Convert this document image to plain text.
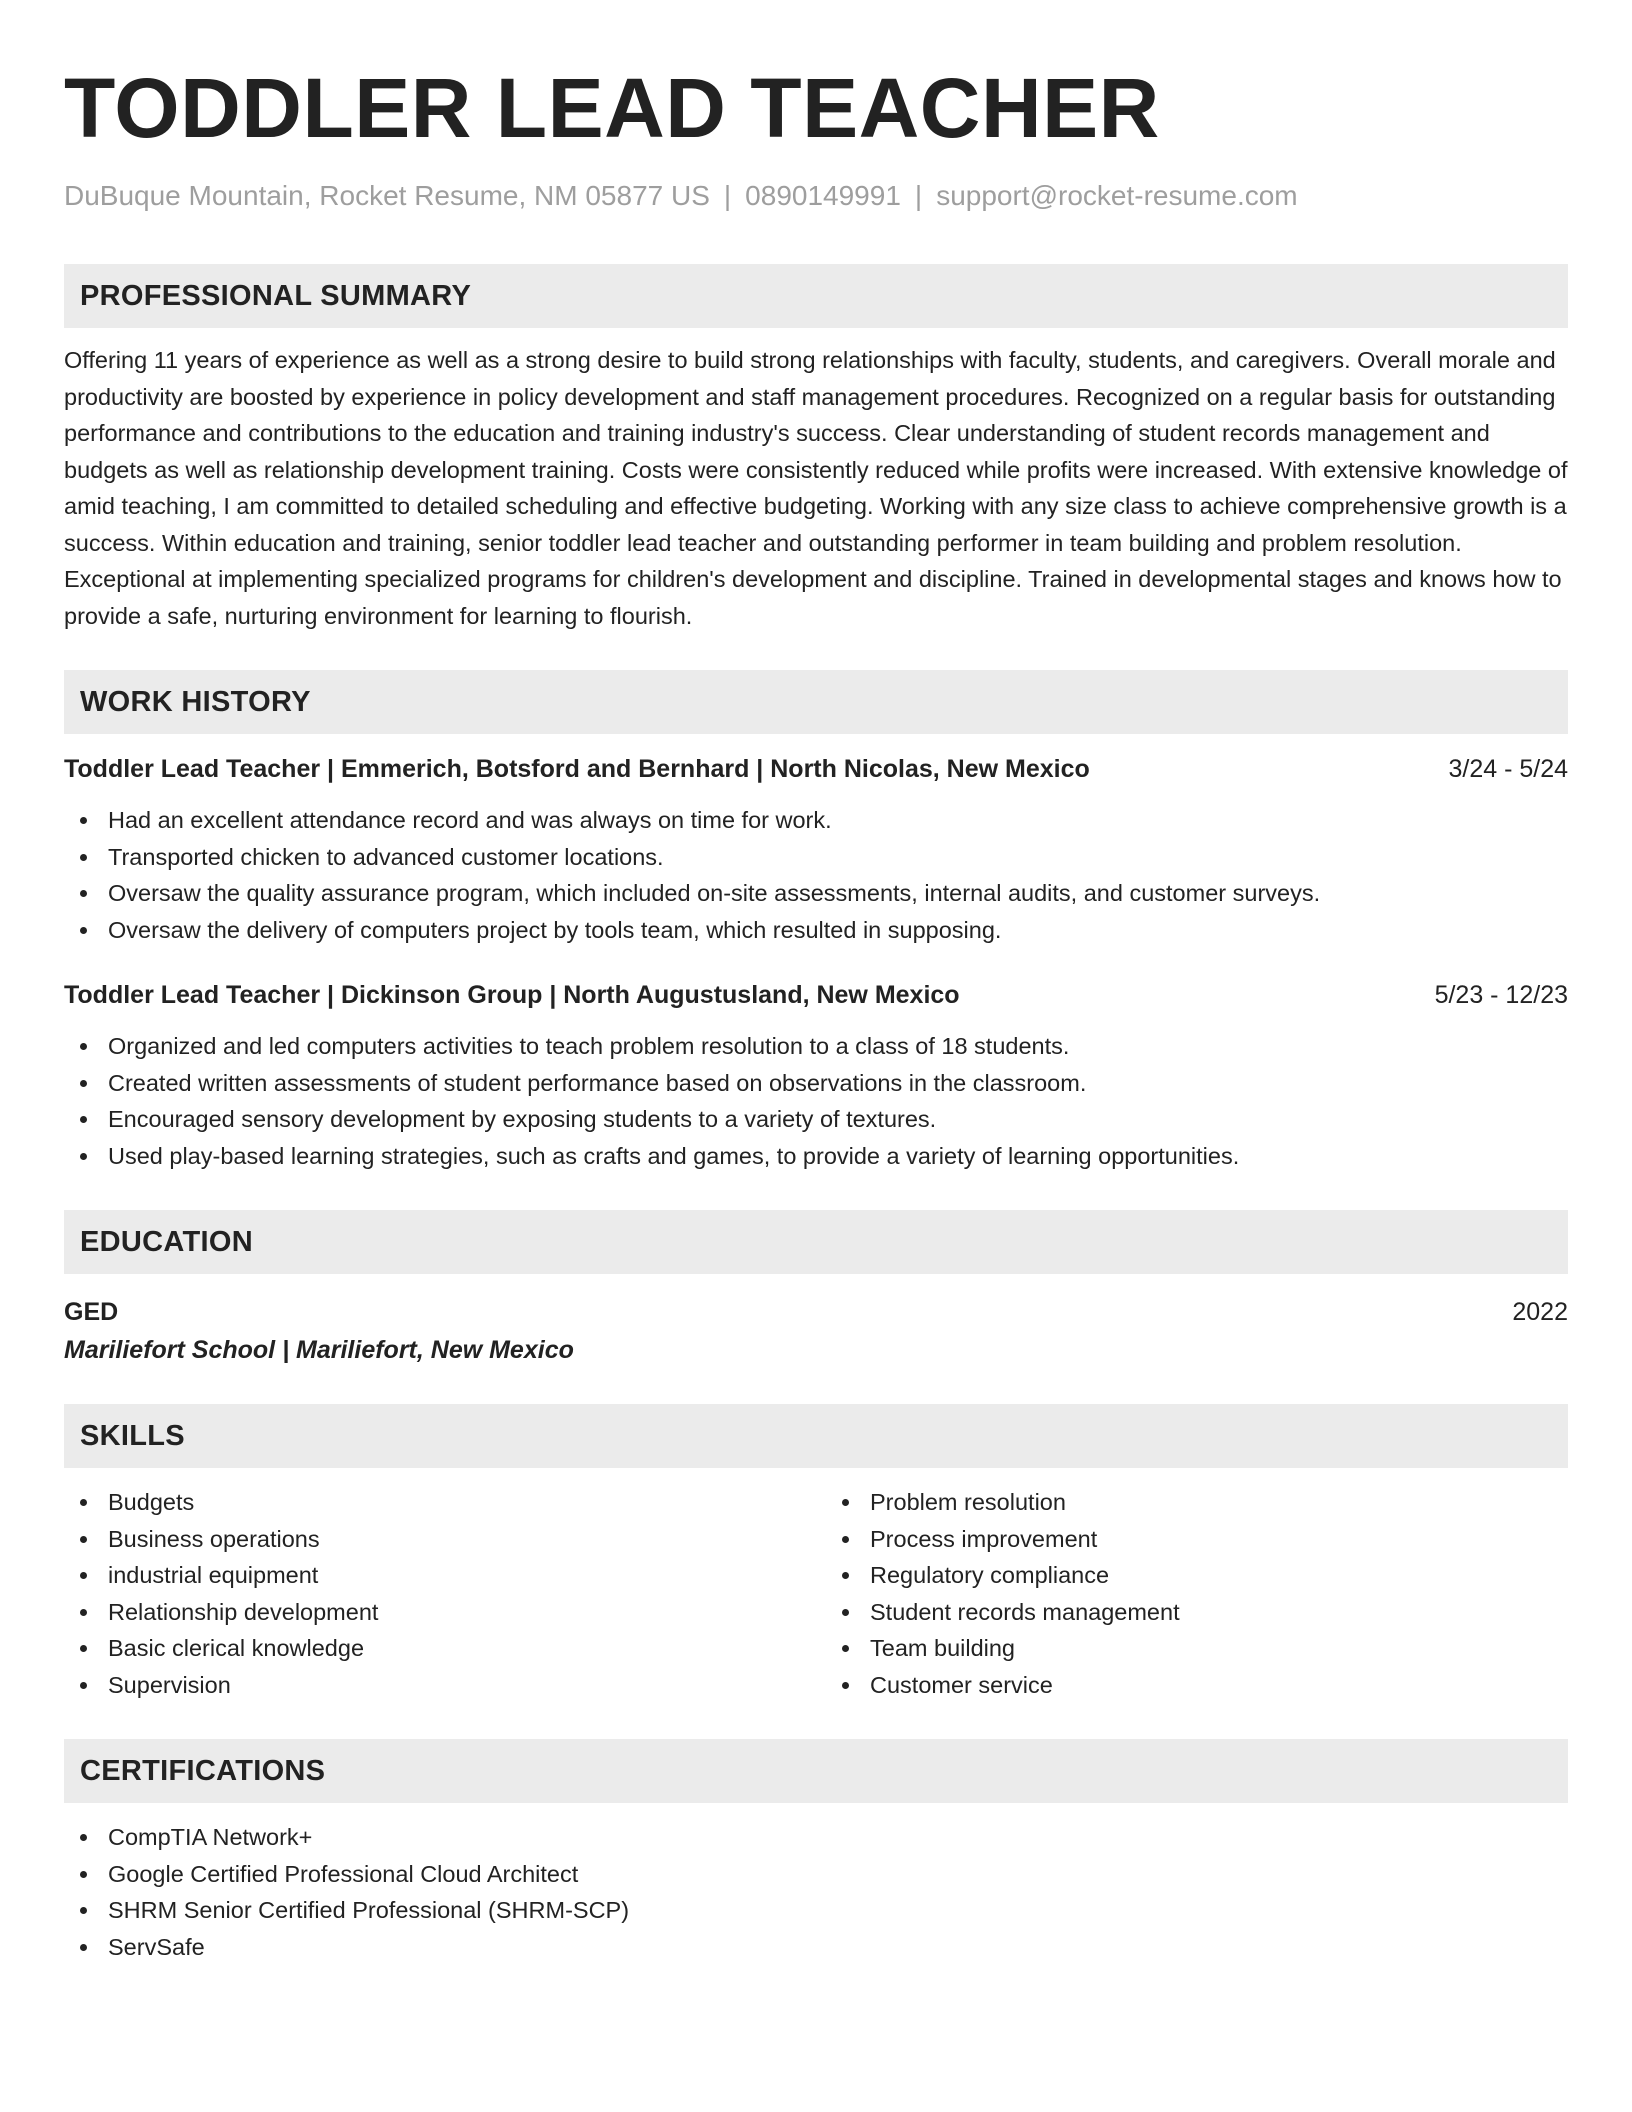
TODDLER LEAD TEACHER
DuBuque Mountain, Rocket Resume, NM 05877 US | 0890149991 | support@rocket-resume.com
PROFESSIONAL SUMMARY

Offering 11 years of experience as well as a strong desire to build strong relationships with faculty, students, and caregivers. Overall morale and productivity are boosted by experience in policy development and staff management procedures. Recognized on a regular basis for outstanding performance and contributions to the education and training industry's success. Clear understanding of student records management and budgets as well as relationship development training. Costs were consistently reduced while profits were increased. With extensive knowledge of amid teaching, I am committed to detailed scheduling and effective budgeting. Working with any size class to achieve comprehensive growth is a success. Within education and training, senior toddler lead teacher and outstanding performer in team building and problem resolution. Exceptional at implementing specialized programs for children's development and discipline. Trained in developmental stages and knows how to provide a safe, nurturing environment for learning to flourish.

WORK HISTORY
Toddler Lead Teacher | Emmerich, Botsford and Bernhard | North Nicolas, New Mexico	3/24 - 5/24
Had an excellent attendance record and was always on time for work.
Transported chicken to advanced customer locations.
Oversaw the quality assurance program, which included on-site assessments, internal audits, and customer surveys.
Oversaw the delivery of computers project by tools team, which resulted in supposing.
Toddler Lead Teacher | Dickinson Group | North Augustusland, New Mexico	5/23 - 12/23
Organized and led computers activities to teach problem resolution to a class of 18 students.
Created written assessments of student performance based on observations in the classroom.
Encouraged sensory development by exposing students to a variety of textures.
Used play-based learning strategies, such as crafts and games, to provide a variety of learning opportunities.
EDUCATION
GED	2022
Mariliefort School | Mariliefort, New Mexico
SKILLS
Budgets
Business operations
industrial equipment
Relationship development
Basic clerical knowledge
Supervision
Problem resolution
Process improvement
Regulatory compliance
Student records management
Team building
Customer service
CERTIFICATIONS
CompTIA Network+
Google Certified Professional Cloud Architect
SHRM Senior Certified Professional (SHRM-SCP)
ServSafe
